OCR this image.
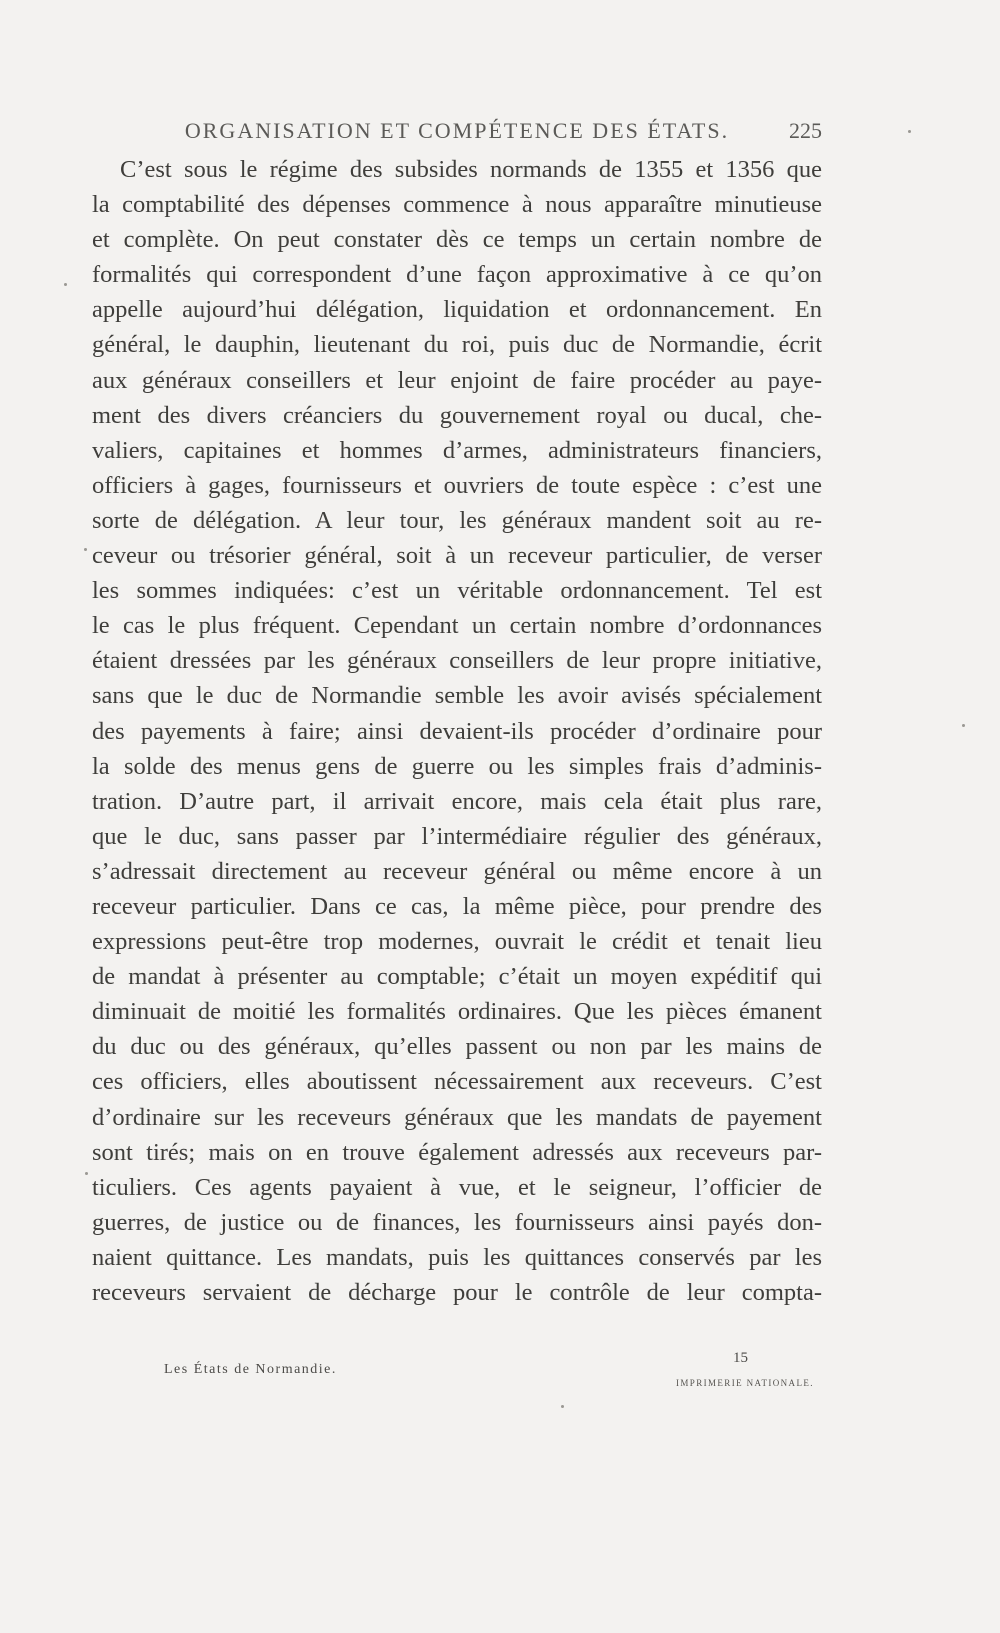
ORGANISATION ET COMPÉTENCE DES ÉTATS.	225
C’est sous le régime des subsides normands de 1355 et 1356 que
la comptabilité des dépenses commence à nous apparaître minutieuse
et complète. On peut constater dès ce temps un certain nombre de
formalités qui correspondent d’une façon approximative à ce qu’on
appelle aujourd’hui délégation, liquidation et ordonnancement. En
général, le dauphin, lieutenant du roi, puis duc de Normandie, écrit
aux généraux conseillers et leur enjoint de faire procéder au paye-
ment des divers créanciers du gouvernement royal ou ducal, che-
valiers, capitaines et hommes d’armes, administrateurs financiers,
officiers à gages, fournisseurs et ouvriers de toute espèce : c’est une
sorte de délégation. A leur tour, les généraux mandent soit au re-
ceveur ou trésorier général, soit à un receveur particulier, de verser
les sommes indiquées: c’est un véritable ordonnancement. Tel est
le cas le plus fréquent. Cependant un certain nombre d’ordonnances
étaient dressées par les généraux conseillers de leur propre initiative,
sans que le duc de Normandie semble les avoir avisés spécialement
des payements à faire; ainsi devaient-ils procéder d’ordinaire pour
la solde des menus gens de guerre ou les simples frais d’adminis-
tration. D’autre part, il arrivait encore, mais cela était plus rare,
que le duc, sans passer par l’intermédiaire régulier des généraux,
s’adressait directement au receveur général ou même encore à un
receveur particulier. Dans ce cas, la même pièce, pour prendre des
expressions peut-être trop modernes, ouvrait le crédit et tenait lieu
de mandat à présenter au comptable; c’était un moyen expéditif qui
diminuait de moitié les formalités ordinaires. Que les pièces émanent
du duc ou des généraux, qu’elles passent ou non par les mains de
ces officiers, elles aboutissent nécessairement aux receveurs. C’est
d’ordinaire sur les receveurs généraux que les mandats de payement
sont tirés; mais on en trouve également adressés aux receveurs par-
ticuliers. Ces agents payaient à vue, et le seigneur, l’officier de
guerres, de justice ou de finances, les fournisseurs ainsi payés don-
naient quittance. Les mandats, puis les quittances conservés par les
receveurs servaient de décharge pour le contrôle de leur compta-
Les États de Normandie.
15
IMPRIMERIE NATIONALE.
